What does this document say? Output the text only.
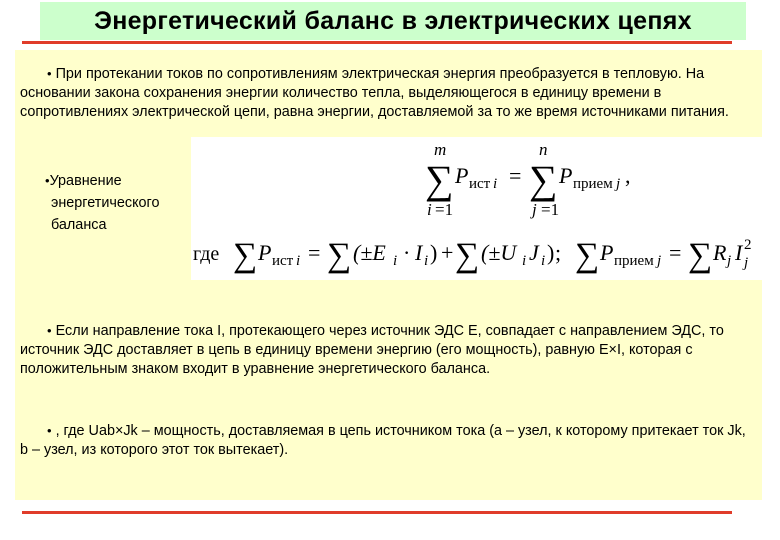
Энергетический баланс в электрических цепях
• При протекании токов по сопротивлениям электрическая энергия преобразуется в тепловую. На основании закона сохранения энергии количество тепла, выделяющегося в единицу времени в сопротивлениях электрической цепи, равна энергии, доставляемой за то же время источниками питания.
•Уравнение
энергетического
баланса
m
∑ P ист i =
n
∑ P прием j ,
i =1	j =1
где ∑ P ист i = ∑ (±E i · I i ) + ∑ (±U i J i ) ; ∑ P прием j = ∑ R j I 2
j
• Если направление тока I, протекающего через источник ЭДС Е, совпадает с направлением ЭДС, то источник ЭДС доставляет в цепь в единицу времени энергию (его мощность), равную Е×I, которая с положительным знаком входит в уравнение энергетического баланса.
• , где Uab×Jk – мощность, доставляемая в цепь источником тока (a – узел, к которому притекает ток Jk, b – узел, из которого этот ток вытекает).
